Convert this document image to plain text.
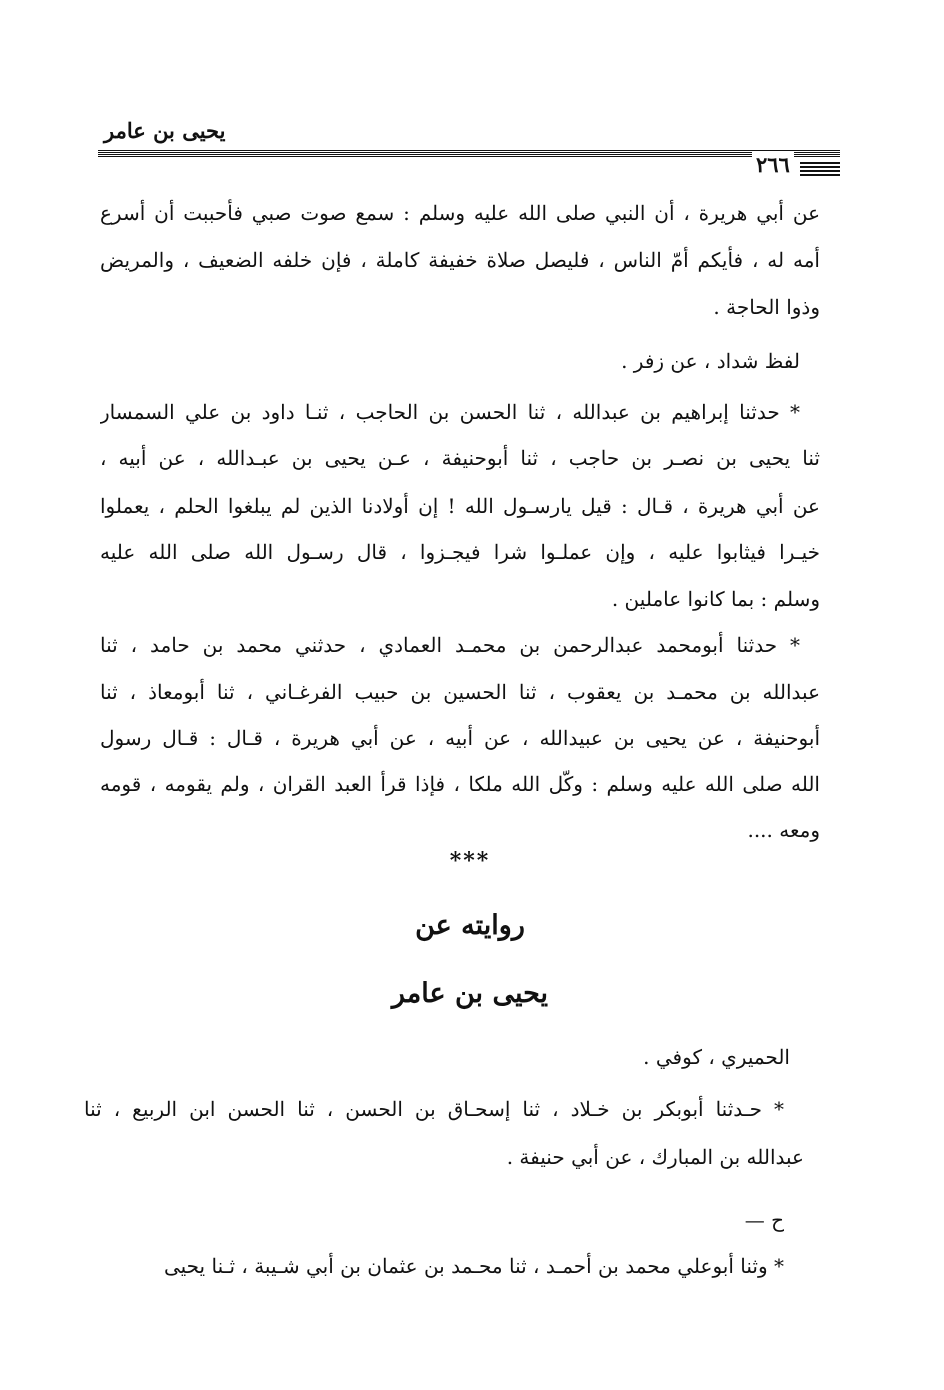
يحيى بن عامر
٢٦٦
عن أبي هريرة ، أن النبي صلى الله عليه وسلم : سمع صوت صبي فأحببت أن أسرع
أمه له ، فأيكم أمّ الناس ، فليصل صلاة خفيفة كاملة ، فإن خلفه الضعيف ، والمريض
وذوا الحاجة .
لفظ شداد ، عن زفر .
* حدثنا إبراهيم بن عبدالله ، ثنا الحسن بن الحاجب ، ثنـا داود بن علي السمسار
ثنا يحيى بن نصـر بن حاجب ، ثنا أبوحنيفة ، عـن يحيى بن عبـدالله ، عن أبيه ،
عن أبي هريرة ، قـال : قيل يارسـول الله ! إن أولادنا الذين لم يبلغوا الحلم ، يعملوا
خيـرا فيثابوا عليه ، وإن عملـوا شرا فيجـزوا ، قال رسـول الله صلى الله عليه
وسلم : بما كانوا عاملين .
* حدثنا أبومحمد عبدالرحمن بن محمـد العمادي ، حدثني محمد بن حامد ، ثنا
عبدالله بن محمـد بن يعقوب ، ثنا الحسين بن حبيب الفرغـاني ، ثنا أبومعاذ ، ثنا
أبوحنيفة ، عن يحيى بن عبيدالله ، عن أبيه ، عن أبي هريرة ، قـال : قـال رسول
الله صلى الله عليه وسلم : وكّل الله ملكا ، فإذا قرأ العبد القران ، ولم يقومه ، قومه
ومعه ....
***
روايته عن
يحيى بن عامر
الحميري ، كوفي .
* حـدثنا أبوبكر بن خـلاد ، ثنا إسحـاق بن الحسن ، ثنا الحسن ابن الربيع ، ثنا
عبدالله بن المبارك ، عن أبي حنيفة .
ح —
* وثنا أبوعلي محمد بن أحمـد ، ثنا محـمد بن عثمان بن أبي شـيبة ، ثـنا يحيى
